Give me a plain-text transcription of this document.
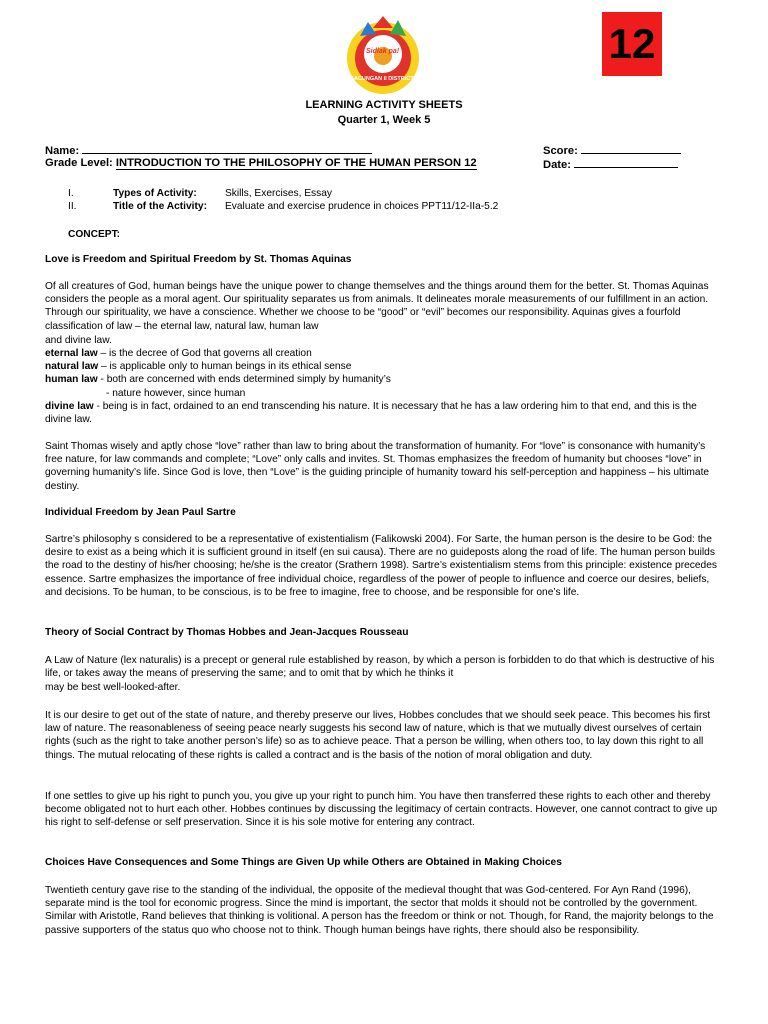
Sidlak pa!
BACUNGAN II DISTRICT
12
LEARNING ACTIVITY SHEETS
Quarter 1, Week 5
Name:	Score:
Grade Level: INTRODUCTION TO THE PHILOSOPHY OF THE HUMAN PERSON 12	Date:
I.	Types of Activity:	Skills, Exercises, Essay
II.	Title of the Activity: Evaluate and exercise prudence in choices PPT11/12-IIa-5.2
CONCEPT:
Love is Freedom and Spiritual Freedom by St. Thomas Aquinas
Of all creatures of God, human beings have the unique power to change themselves and the things around them for the better. St. Thomas Aquinas considers the people as a moral agent. Our spirituality separates us from animals. It delineates morale measurements of our fulfillment in an action. Through our spirituality, we have a conscience. Whether we choose to be “good” or “evil” becomes our responsibility. Aquinas gives a fourfold classification of law – the eternal law, natural law, human law
and divine law.
eternal law – is the decree of God that governs all creation
natural law – is applicable only to human beings in its ethical sense
human law - both are concerned with ends determined simply by humanity’s
- nature however, since human
divine law - being is in fact, ordained to an end transcending his nature. It is necessary that he has a law ordering him to that end, and this is the divine law.
Saint Thomas wisely and aptly chose “love” rather than law to bring about the transformation of humanity. For “love” is consonance with humanity’s free nature, for law commands and complete; “Love” only calls and invites. St. Thomas emphasizes the freedom of humanity but chooses “love” in governing humanity’s life. Since God is love, then “Love” is the guiding principle of humanity toward his self-perception and happiness – his ultimate destiny.
Individual Freedom by Jean Paul Sartre
Sartre’s philosophy s considered to be a representative of existentialism (Falikowski 2004). For Sarte, the human person is the desire to be God: the desire to exist as a being which it is sufficient ground in itself (en sui causa). There are no guideposts along the road of life. The human person builds the road to the destiny of his/her choosing; he/she is the creator (Srathern 1998). Sartre’s existentialism stems from this principle: existence precedes essence. Sartre emphasizes the importance of free individual choice, regardless of the power of people to influence and coerce our desires, beliefs, and decisions. To be human, to be conscious, is to be free to imagine, free to choose, and be responsible for one’s life.
Theory of Social Contract by Thomas Hobbes and Jean-Jacques Rousseau
A Law of Nature (lex naturalis) is a precept or general rule established by reason, by which a person is forbidden to do that which is destructive of his life, or takes away the means of preserving the same; and to omit that by which he thinks it
may be best well-looked-after.
It is our desire to get out of the state of nature, and thereby preserve our lives, Hobbes concludes that we should seek peace. This becomes his first law of nature. The reasonableness of seeing peace nearly suggests his second law of nature, which is that we mutually divest ourselves of certain rights (such as the right to take another person’s life) so as to achieve peace. That a person be willing, when others too, to lay down this right to all things. The mutual relocating of these rights is called a contract and is the basis of the notion of moral obligation and duty.
If one settles to give up his right to punch you, you give up your right to punch him. You have then transferred these rights to each other and thereby become obligated not to hurt each other. Hobbes continues by discussing the legitimacy of certain contracts. However, one cannot contract to give up his right to self-defense or self preservation. Since it is his sole motive for entering any contract.
Choices Have Consequences and Some Things are Given Up while Others are Obtained in Making Choices
Twentieth century gave rise to the standing of the individual, the opposite of the medieval thought that was God-centered. For Ayn Rand (1996), separate mind is the tool for economic progress. Since the mind is important, the sector that molds it should not be controlled by the government. Similar with Aristotle, Rand believes that thinking is volitional. A person has the freedom or think or not. Though, for Rand, the majority belongs to the passive supporters of the status quo who choose not to think. Though human beings have rights, there should also be responsibility.
